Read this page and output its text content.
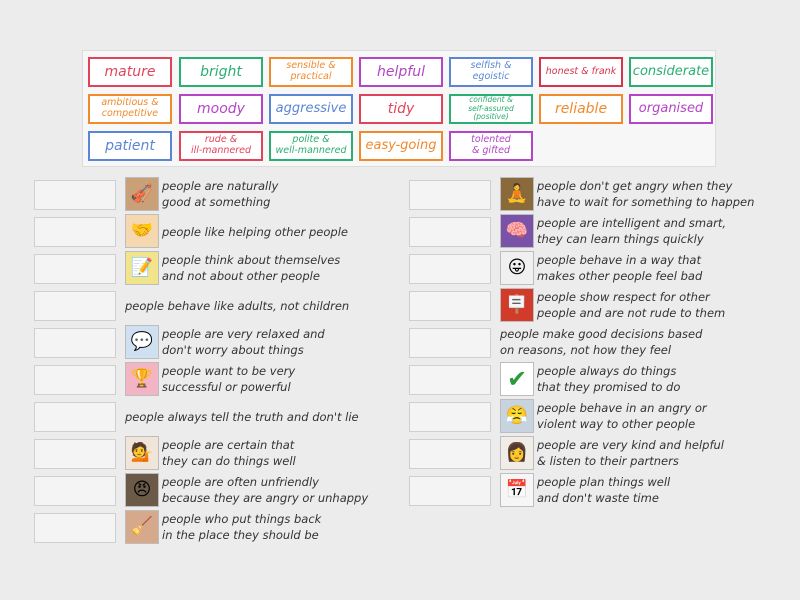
mature	bright	sensible &
practical	helpful	selfish &
egoistic	honest & frank	considerate
ambitious &
competitive	moody	aggressive	tidy
confident &
self-assured (positive)	reliable	organised
patient	rude &
ill-mannered
polite &
well-mannered	easy-going	tolented
& gifted
🎻 people are naturally
good at something
🤝 people like helping other people
📝 people think about themselves
and not about other people
people behave like adults, not children
💬 people are very relaxed and
don't worry about things
🏆 people want to be very
successful or powerful
people always tell the truth and don't lie
💁 people are certain that
they can do things well
😠 people are often unfriendly
because they are angry or unhappy
🧹 people who put things back
in the place they should be
🧘 people don't get angry when they
have to wait for something to happen
🧠 people are intelligent and smart,
they can learn things quickly
😛 people behave in a way that
makes other people feel bad
🪧 people show respect for other
people and are not rude to them
people make good decisions based
on reasons, not how they feel
✔ people always do things
that they promised to do
😤 people behave in an angry or
violent way to other people
👩 people are very kind and helpful
& listen to their partners
📅 people plan things well
and don't waste time
